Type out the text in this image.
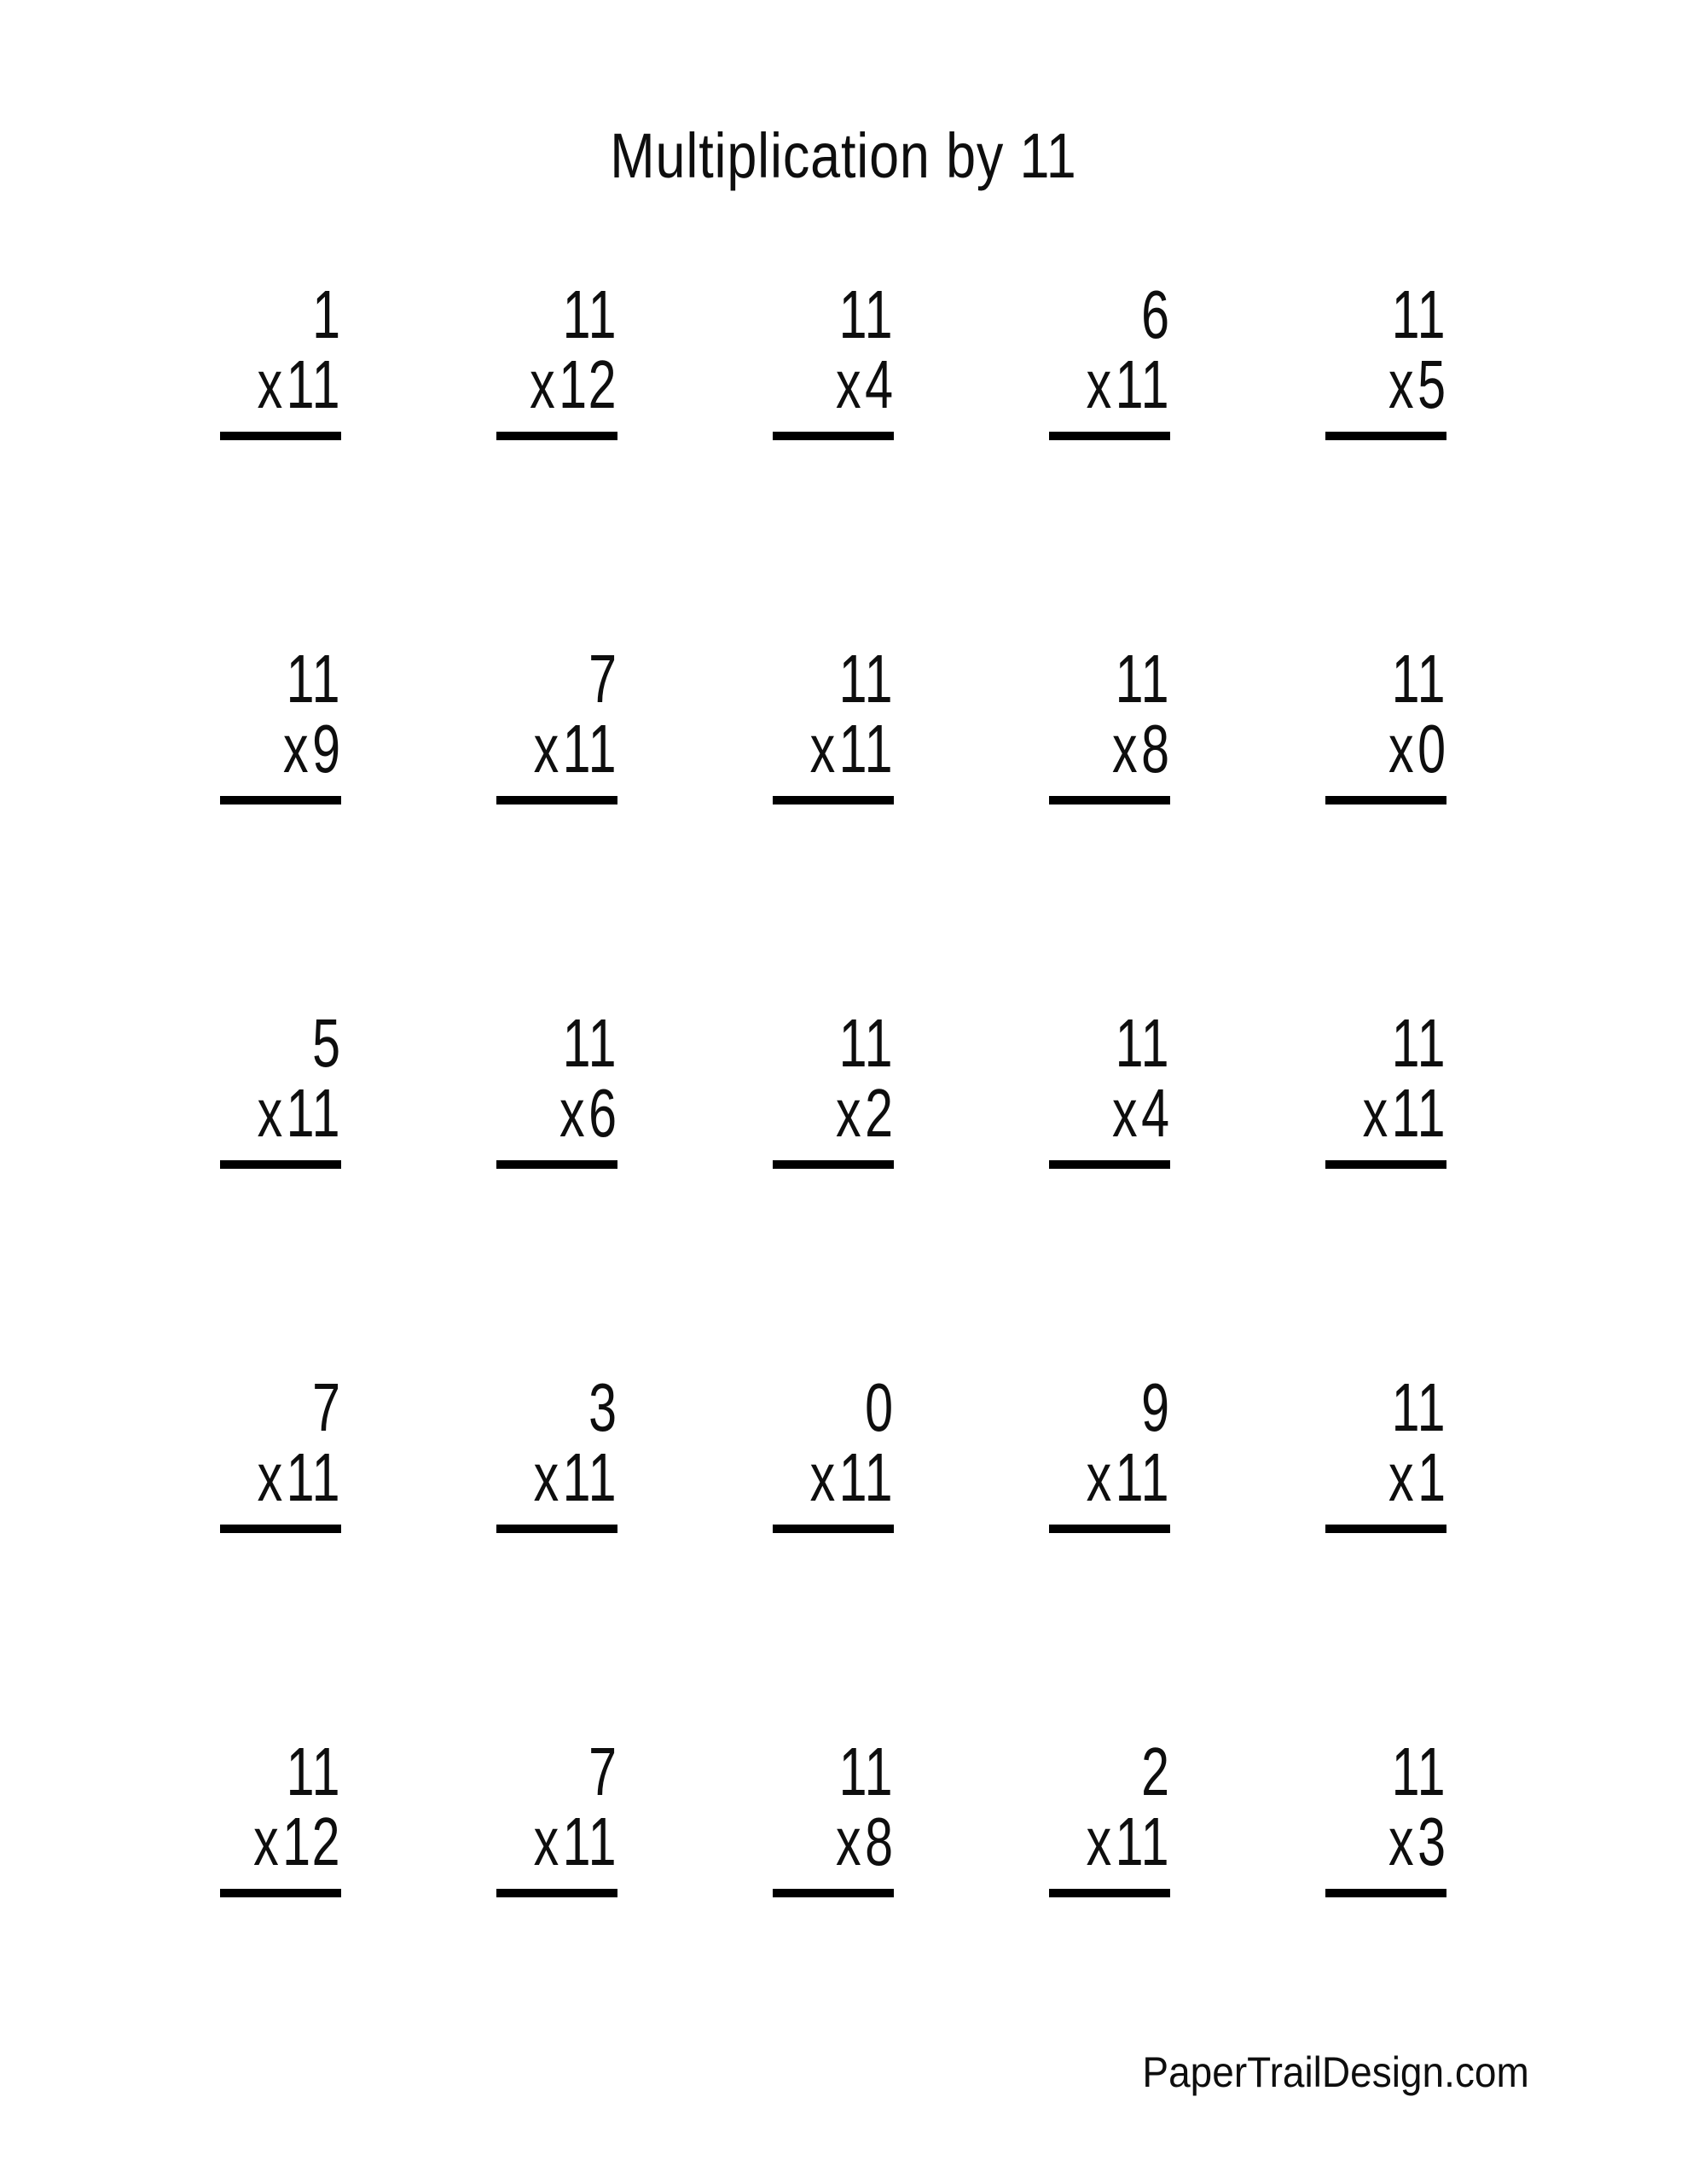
Multiplication by 11
1
x11
11
x12
11
x4
6
x11
11
x5
11
x9
7
x11
11
x11
11
x8
11
x0
5
x11
11
x6
11
x2
11
x4
11
x11
7
x11
3
x11
0
x11
9
x11
11
x1
11
x12
7
x11
11
x8
2
x11
11
x3
PaperTrailDesign.com
